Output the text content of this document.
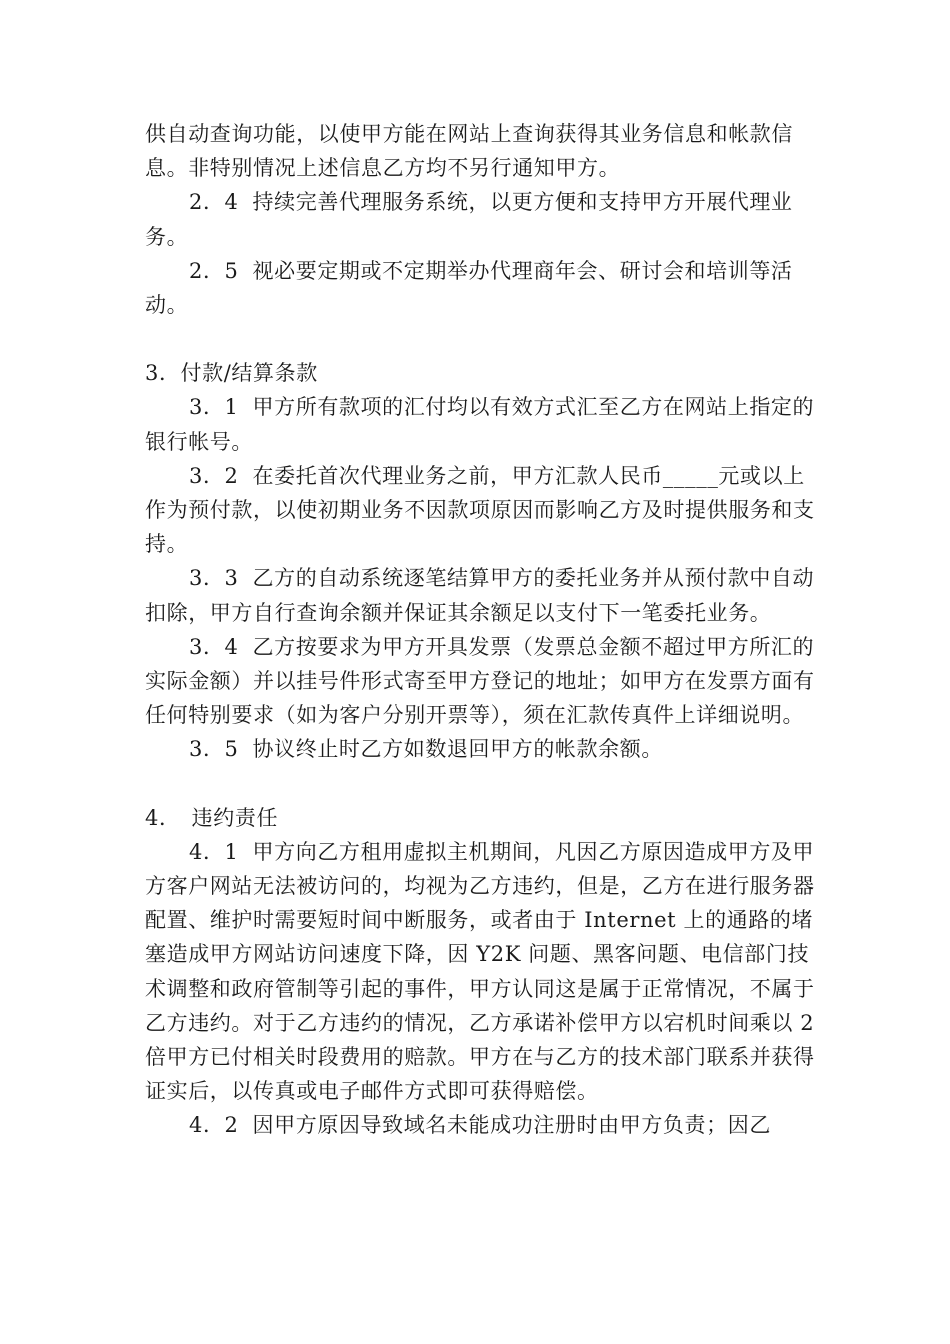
供自动查询功能，以使甲方能在网站上查询获得其业务信息和帐款信息。非特别情况上述信息乙方均不另行通知甲方。

2．4 持续完善代理服务系统，以更方便和支持甲方开展代理业务。

2．5 视必要定期或不定期举办代理商年会、研讨会和培训等活动。

3．付款/结算条款

3．1 甲方所有款项的汇付均以有效方式汇至乙方在网站上指定的银行帐号。

3．2 在委托首次代理业务之前，甲方汇款人民币_____元或以上作为预付款，以使初期业务不因款项原因而影响乙方及时提供服务和支持。

3．3 乙方的自动系统逐笔结算甲方的委托业务并从预付款中自动扣除，甲方自行查询余额并保证其余额足以支付下一笔委托业务。

3．4 乙方按要求为甲方开具发票（发票总金额不超过甲方所汇的实际金额）并以挂号件形式寄至甲方登记的地址；如甲方在发票方面有任何特别要求（如为客户分别开票等），须在汇款传真件上详细说明。

3．5 协议终止时乙方如数退回甲方的帐款余额。

4．　违约责任

4．1 甲方向乙方租用虚拟主机期间，凡因乙方原因造成甲方及甲方客户网站无法被访问的，均视为乙方违约，但是，乙方在进行服务器配置、维护时需要短时间中断服务，或者由于 Internet 上的通路的堵塞造成甲方网站访问速度下降，因 Y2K 问题、黑客问题、电信部门技术调整和政府管制等引起的事件，甲方认同这是属于正常情况，不属于乙方违约。对于乙方违约的情况，乙方承诺补偿甲方以宕机时间乘以 2 倍甲方已付相关时段费用的赔款。甲方在与乙方的技术部门联系并获得证实后，以传真或电子邮件方式即可获得赔偿。

4．2 因甲方原因导致域名未能成功注册时由甲方负责；因乙
